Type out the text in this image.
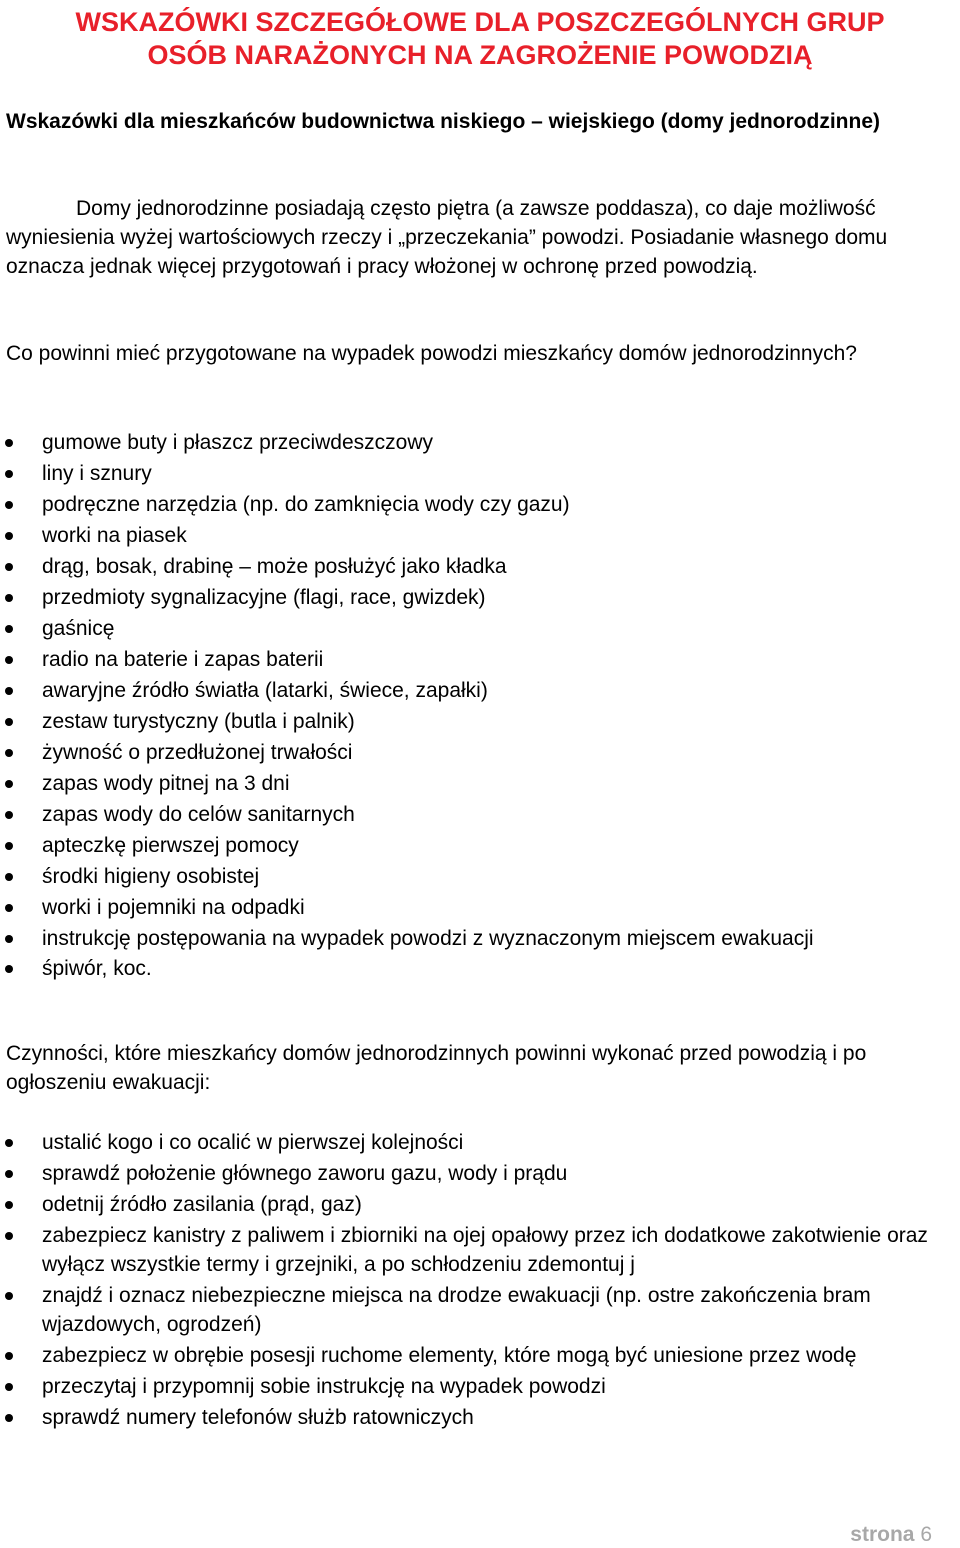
WSKAZÓWKI SZCZEGÓŁOWE DLA POSZCZEGÓLNYCH GRUP
OSÓB NARAŻONYCH NA ZAGROŻENIE POWODZIĄ

Wskazówki dla mieszkańców budownictwa niskiego – wiejskiego (domy jednorodzinne)

Domy jednorodzinne posiadają często piętra (a zawsze poddasza), co daje możliwość wyniesienia wyżej wartościowych rzeczy i „przeczekania” powodzi. Posiadanie własnego domu oznacza jednak więcej przygotowań i pracy włożonej w ochronę przed powodzią.

Co powinni mieć przygotowane na wypadek powodzi mieszkańcy domów jednorodzinnych?

gumowe buty i płaszcz przeciwdeszczowy
liny i sznury
podręczne narzędzia (np. do zamknięcia wody czy gazu)
worki na piasek
drąg, bosak, drabinę – może posłużyć jako kładka
przedmioty sygnalizacyjne (flagi, race, gwizdek)
gaśnicę
radio na baterie i zapas baterii
awaryjne źródło światła (latarki, świece, zapałki)
zestaw turystyczny (butla i palnik)
żywność o przedłużonej trwałości
zapas wody pitnej na 3 dni
zapas wody do celów sanitarnych
apteczkę pierwszej pomocy
środki higieny osobistej
worki i pojemniki na odpadki
instrukcję postępowania na wypadek powodzi z wyznaczonym miejscem ewakuacji
śpiwór, koc.

Czynności, które mieszkańcy domów jednorodzinnych powinni wykonać przed powodzią i po ogłoszeniu ewakuacji:

ustalić kogo i co ocalić w pierwszej kolejności
sprawdź położenie głównego zaworu gazu, wody i prądu
odetnij źródło zasilania (prąd, gaz)
zabezpiecz kanistry z paliwem i zbiorniki na ojej opałowy przez ich dodatkowe zakotwienie oraz wyłącz wszystkie termy i grzejniki, a po schłodzeniu zdemontuj j
znajdź i oznacz niebezpieczne miejsca na drodze ewakuacji (np. ostre zakończenia bram wjazdowych, ogrodzeń)
zabezpiecz w obrębie posesji ruchome elementy, które mogą być uniesione przez wodę
przeczytaj i przypomnij sobie instrukcję na wypadek powodzi
sprawdź numery telefonów służb ratowniczych
strona 6
